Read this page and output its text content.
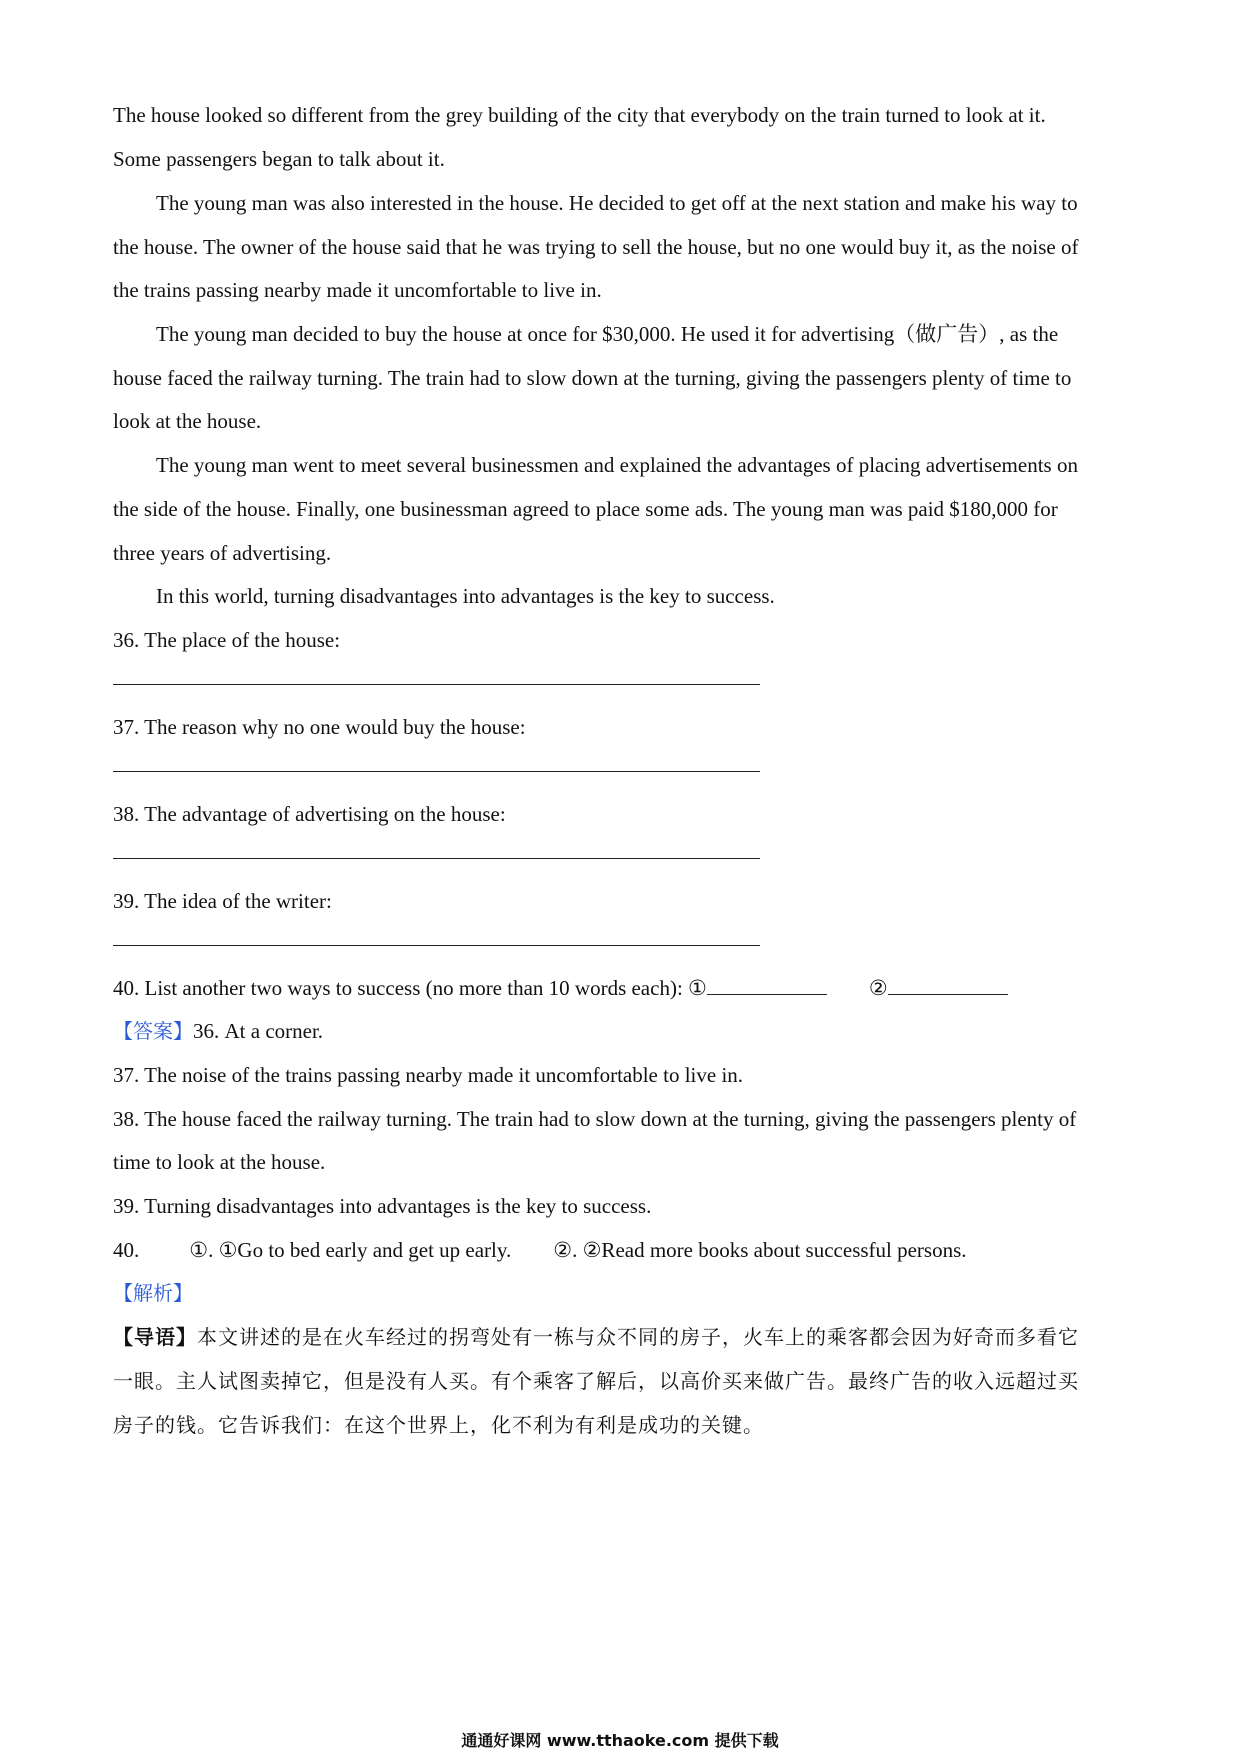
The house looked so different from the grey building of the city that everybody on the train turned to look at it.
Some passengers began to talk about it.
The young man was also interested in the house. He decided to get off at the next station and make his way to
the house. The owner of the house said that he was trying to sell the house, but no one would buy it, as the noise of
the trains passing nearby made it uncomfortable to live in.
The young man decided to buy the house at once for $30,000. He used it for advertising（做广告）, as the
house faced the railway turning. The train had to slow down at the turning, giving the passengers plenty of time to
look at the house.
The young man went to meet several businessmen and explained the advantages of placing advertisements on
the side of the house. Finally, one businessman agreed to place some ads. The young man was paid $180,000 for
three years of advertising.
In this world, turning disadvantages into advantages is the key to success.
36. The place of the house:
37. The reason why no one would buy the house:
38. The advantage of advertising on the house:
39. The idea of the writer:
40. List another two ways to success (no more than 10 words each): ①	②
【答案】36. At a corner.
37. The noise of the trains passing nearby made it uncomfortable to live in.
38. The house faced the railway turning. The train had to slow down at the turning, giving the passengers plenty of
time to look at the house.
39. Turning disadvantages into advantages is the key to success.
40. ①. ①Go to bed early and get up early. ②. ②Read more books about successful persons.
【解析】
【导语】本文讲述的是在火车经过的拐弯处有一栋与众不同的房子，火车上的乘客都会因为好奇而多看它
一眼。主人试图卖掉它，但是没有人买。有个乘客了解后，以高价买来做广告。最终广告的收入远超过买
房子的钱。它告诉我们：在这个世界上，化不利为有利是成功的关键。
通通好课网 www.tthaoke.com 提供下载
